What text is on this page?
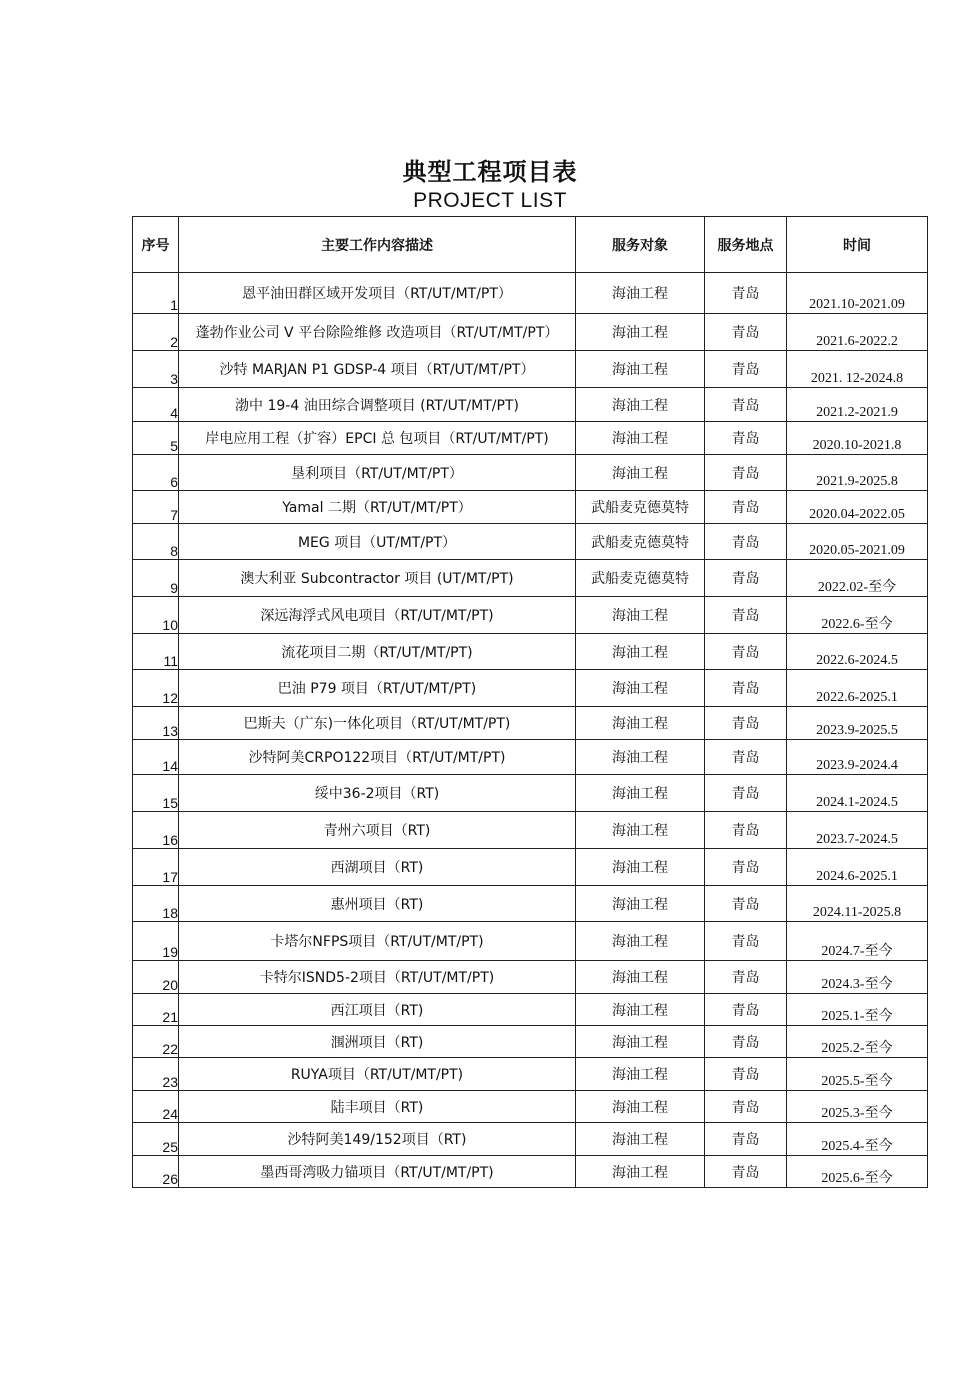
典型工程项目表
PROJECT LIST
序号	主要工作内容描述	服务对象	服务地点	时间
1	恩平油田群区域开发项目（RT/UT/MT/PT）	海油工程	青岛	2021.10-2021.09
2	蓬勃作业公司 V 平台除险维修 改造项目（RT/UT/MT/PT）	海油工程	青岛	2021.6-2022.2
3	沙特 MARJAN P1 GDSP-4 项目（RT/UT/MT/PT）	海油工程	青岛	2021. 12-2024.8
4	渤中 19-4 油田综合调整项目 (RT/UT/MT/PT)	海油工程	青岛	2021.2-2021.9
5	岸电应用工程（扩容）EPCI 总 包项目（RT/UT/MT/PT)	海油工程	青岛	2020.10-2021.8
6	垦利项目（RT/UT/MT/PT）	海油工程	青岛	2021.9-2025.8
7	Yamal 二期（RT/UT/MT/PT）	武船麦克德莫特	青岛	2020.04-2022.05
8	MEG 项目（UT/MT/PT）	武船麦克德莫特	青岛	2020.05-2021.09
9	澳大利亚 Subcontractor 项目 (UT/MT/PT)	武船麦克德莫特	青岛	2022.02-至今
10	深远海浮式风电项目（RT/UT/MT/PT)	海油工程	青岛	2022.6-至今
11	流花项目二期（RT/UT/MT/PT)	海油工程	青岛	2022.6-2024.5
12	巴油 P79 项目（RT/UT/MT/PT)	海油工程	青岛	2022.6-2025.1
13	巴斯夫（广东)一体化项目（RT/UT/MT/PT)	海油工程	青岛	2023.9-2025.5
14	沙特阿美CRPO122项目（RT/UT/MT/PT)	海油工程	青岛	2023.9-2024.4
15	绥中36-2项目（RT)	海油工程	青岛	2024.1-2024.5
16	青州六项目（RT)	海油工程	青岛	2023.7-2024.5
17	西湖项目（RT)	海油工程	青岛	2024.6-2025.1
18	惠州项目（RT)	海油工程	青岛	2024.11-2025.8
19	卡塔尔NFPS项目（RT/UT/MT/PT)	海油工程	青岛	2024.7-至今
20	卡特尔ISND5-2项目（RT/UT/MT/PT)	海油工程	青岛	2024.3-至今
21	西江项目（RT)	海油工程	青岛	2025.1-至今
22	涠洲项目（RT)	海油工程	青岛	2025.2-至今
23	RUYA项目（RT/UT/MT/PT)	海油工程	青岛	2025.5-至今
24	陆丰项目（RT)	海油工程	青岛	2025.3-至今
25	沙特阿美149/152项目（RT)	海油工程	青岛	2025.4-至今
26	墨西哥湾吸力锚项目（RT/UT/MT/PT)	海油工程	青岛	2025.6-至今
